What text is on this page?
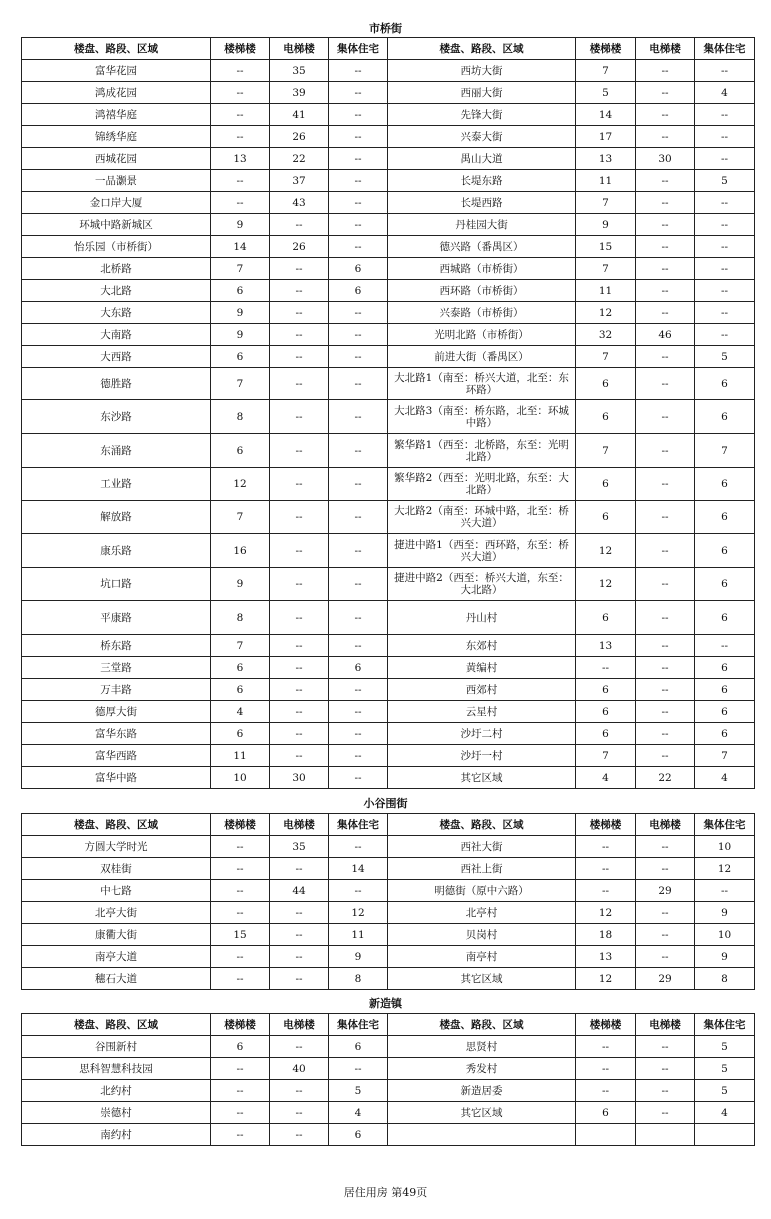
市桥街
楼盘、路段、区域	楼梯楼	电梯楼	集体住宅	楼盘、路段、区域	楼梯楼	电梯楼	集体住宅
富华花园	--	35	--	西坊大街	7	--	--
鸿成花园	--	39	--	西丽大街	5	--	4
鸿禧华庭	--	41	--	先锋大街	14	--	--
锦绣华庭	--	26	--	兴泰大街	17	--	--
西城花园	13	22	--	禺山大道	13	30	--
一品灏景	--	37	--	长堤东路	11	--	5
金口岸大厦	--	43	--	长堤西路	7	--	--
环城中路新城区	9	--	--	丹桂园大街	9	--	--
怡乐园（市桥街）	14	26	--	德兴路（番禺区）	15	--	--
北桥路	7	--	6	西城路（市桥街）	7	--	--
大北路	6	--	6	西环路（市桥街）	11	--	--
大东路	9	--	--	兴泰路（市桥街）	12	--	--
大南路	9	--	--	光明北路（市桥街）	32	46	--
大西路	6	--	--	前进大街（番禺区）	7	--	5
德胜路	7	--	--	大北路1（南至：桥兴大道，北至：东环路）	6	--	6
东沙路	8	--	--	大北路3（南至：桥东路，北至：环城中路）	6	--	6
东涌路	6	--	--	繁华路1（西至：北桥路，东至：光明北路）	7	--	7
工业路	12	--	--	繁华路2（西至：光明北路，东至：大北路）	6	--	6
解放路	7	--	--	大北路2（南至：环城中路，北至：桥兴大道）	6	--	6
康乐路	16	--	--	捷进中路1（西至：西环路，东至：桥兴大道）	12	--	6
坑口路	9	--	--	捷进中路2（西至：桥兴大道，东至：大北路）	12	--	6
平康路	8	--	--	丹山村	6	--	6
桥东路	7	--	--	东郊村	13	--	--
三堂路	6	--	6	黄编村	--	--	6
万丰路	6	--	--	西郊村	6	--	6
德厚大街	4	--	--	云星村	6	--	6
富华东路	6	--	--	沙圩二村	6	--	6
富华西路	11	--	--	沙圩一村	7	--	7
富华中路	10	30	--	其它区域	4	22	4
小谷围街
楼盘、路段、区域	楼梯楼	电梯楼	集体住宅	楼盘、路段、区域	楼梯楼	电梯楼	集体住宅
方圆大学时光	--	35	--	西社大街	--	--	10
双桂街	--	--	14	西社上街	--	--	12
中七路	--	44	--	明德街（原中六路）	--	29	--
北亭大街	--	--	12	北亭村	12	--	9
康衢大街	15	--	11	贝岗村	18	--	10
南亭大道	--	--	9	南亭村	13	--	9
穗石大道	--	--	8	其它区域	12	29	8
新造镇
楼盘、路段、区域	楼梯楼	电梯楼	集体住宅	楼盘、路段、区域	楼梯楼	电梯楼	集体住宅
谷围新村	6	--	6	思贤村	--	--	5
思科智慧科技园	--	40	--	秀发村	--	--	5
北约村	--	--	5	新造居委	--	--	5
崇德村	--	--	4	其它区域	6	--	4
南约村	--	--	6				
居住用房 第49页
